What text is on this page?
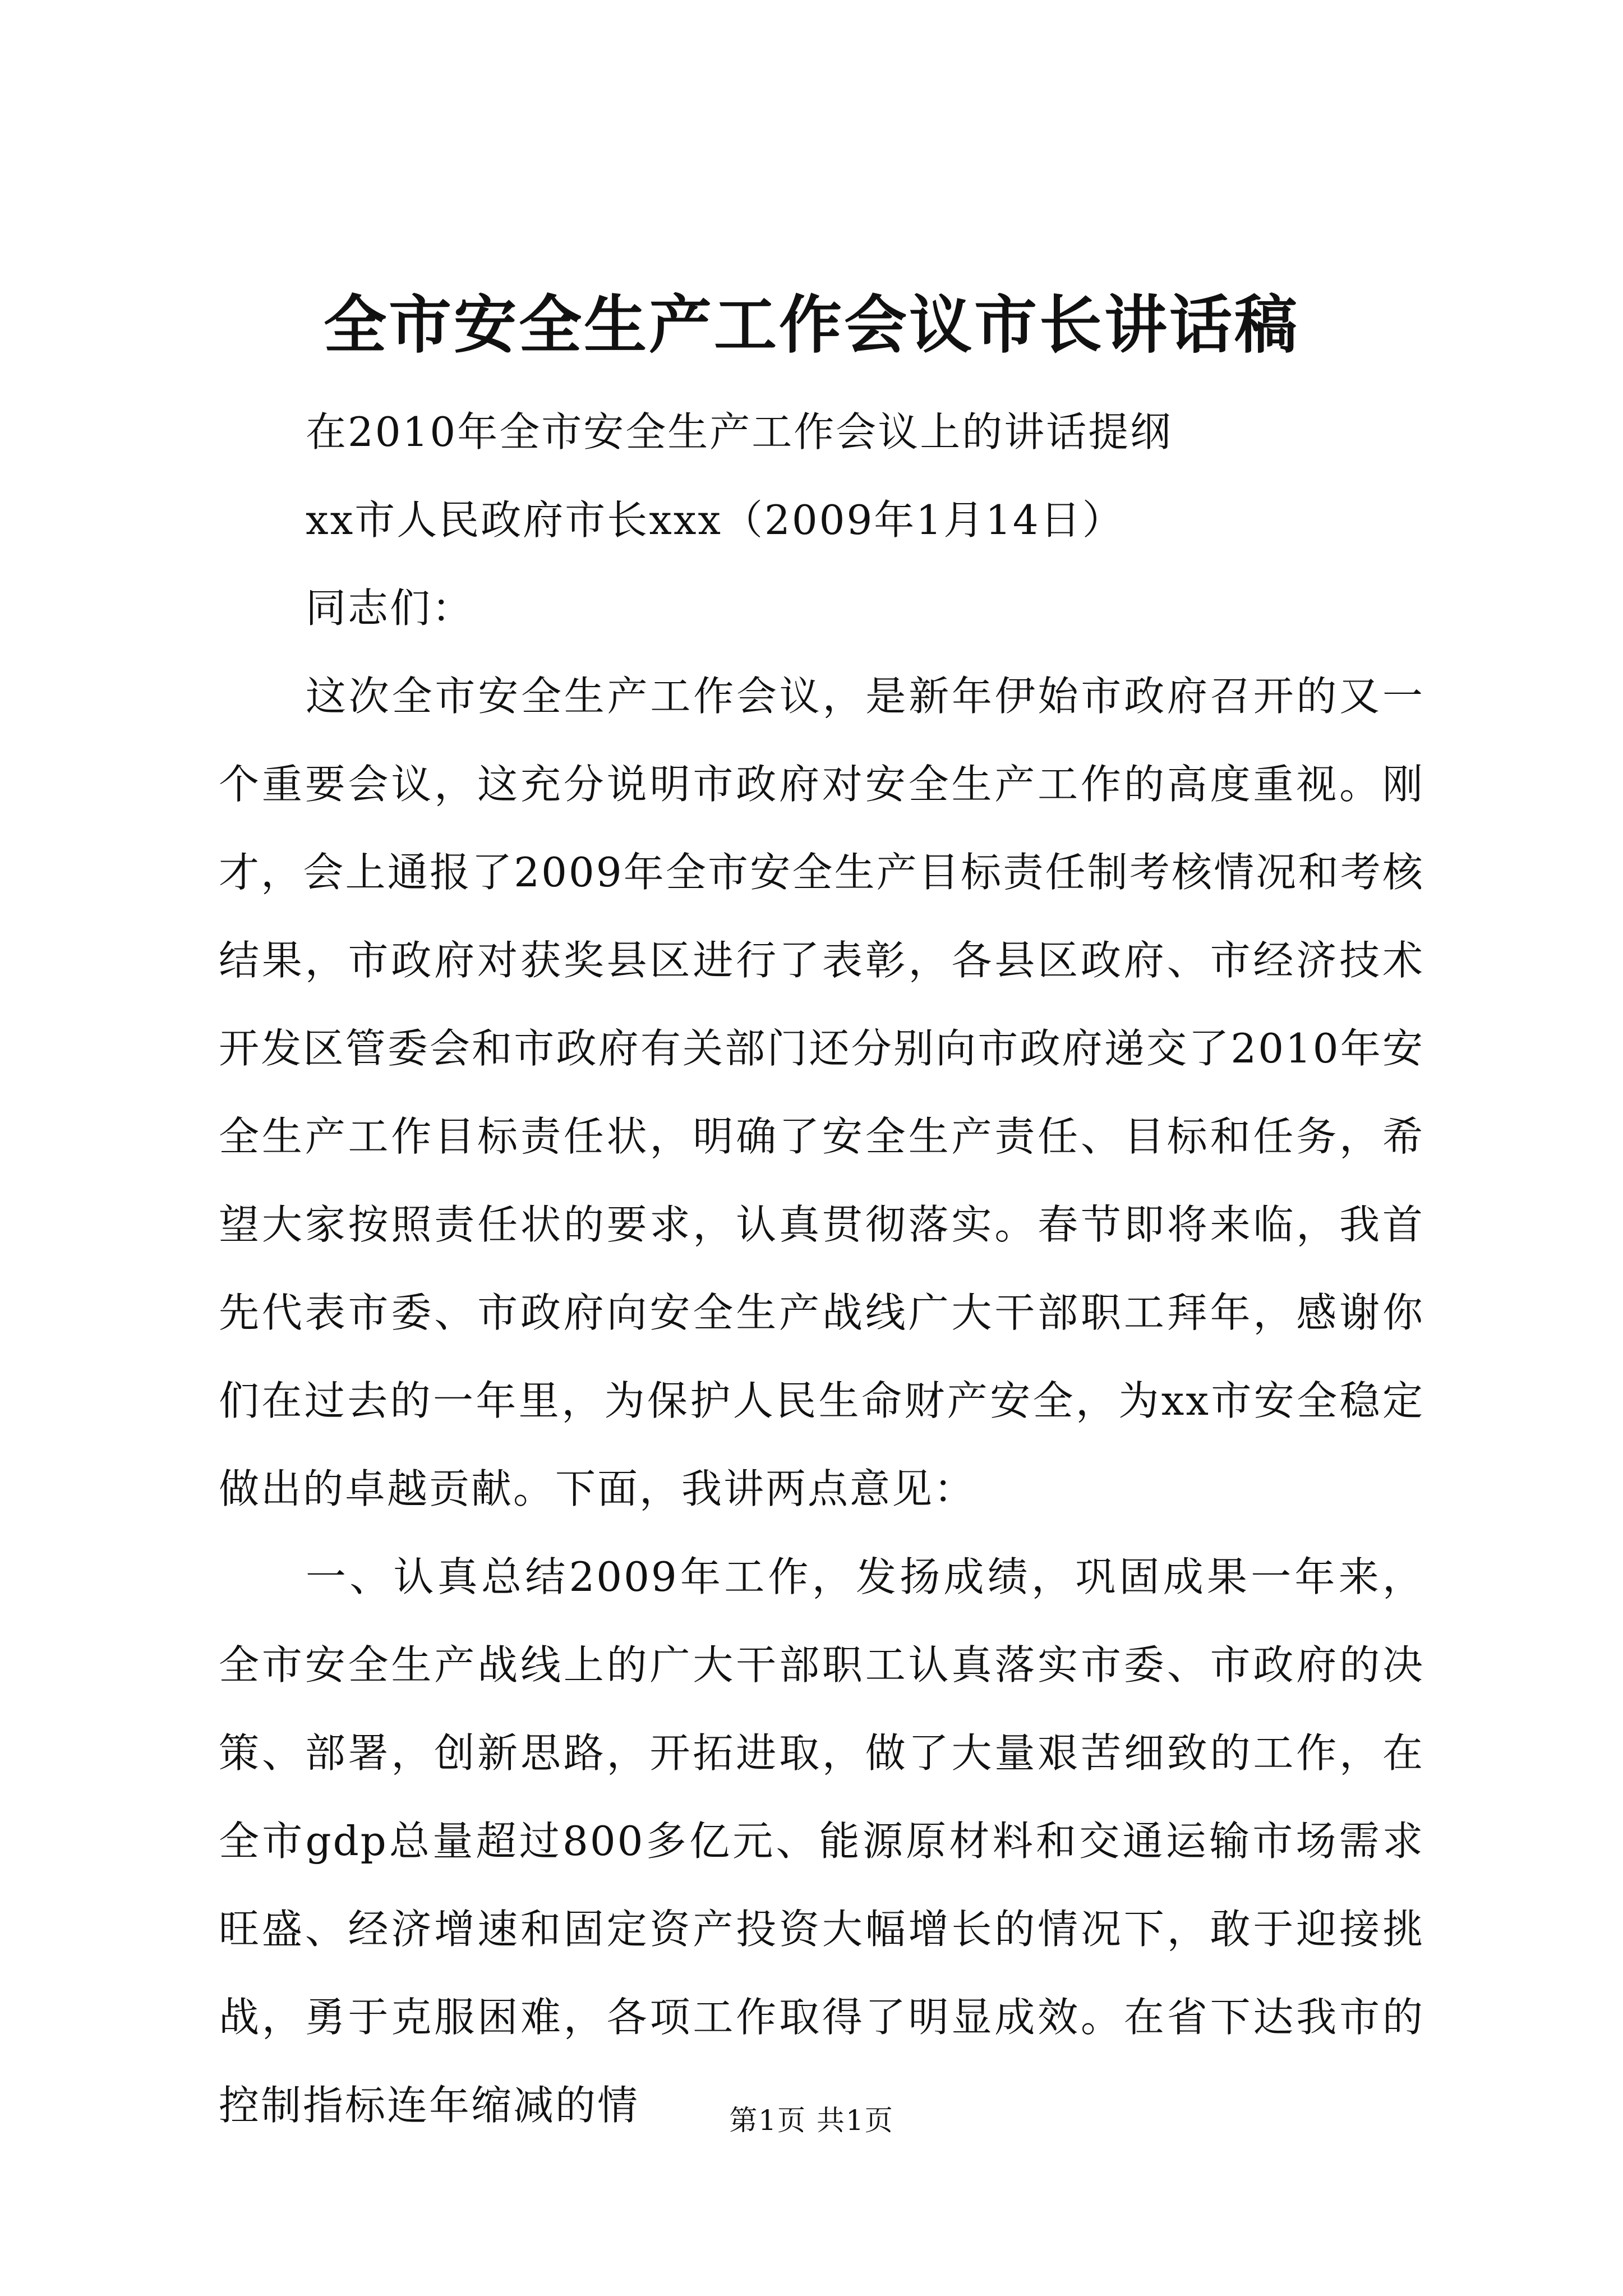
全市安全生产工作会议市长讲话稿

在2010年全市安全生产工作会议上的讲话提纲

xx市人民政府市长xxx（2009年1月14日）

同志们：

这次全市安全生产工作会议，是新年伊始市政府召开的又一个重要会议，这充分说明市政府对安全生产工作的高度重视。刚才，会上通报了2009年全市安全生产目标责任制考核情况和考核结果，市政府对获奖县区进行了表彰，各县区政府、市经济技术开发区管委会和市政府有关部门还分别向市政府递交了2010年安全生产工作目标责任状，明确了安全生产责任、目标和任务，希望大家按照责任状的要求，认真贯彻落实。春节即将来临，我首先代表市委、市政府向安全生产战线广大干部职工拜年，感谢你们在过去的一年里，为保护人民生命财产安全，为xx市安全稳定做出的卓越贡献。下面，我讲两点意见：

一、认真总结2009年工作，发扬成绩，巩固成果一年来，全市安全生产战线上的广大干部职工认真落实市委、市政府的决策、部署，创新思路，开拓进取，做了大量艰苦细致的工作，在全市gdp总量超过800多亿元、能源原材料和交通运输市场需求旺盛、经济增速和固定资产投资大幅增长的情况下，敢于迎接挑战，勇于克服困难，各项工作取得了明显成效。在省下达我市的控制指标连年缩减的情	第1页 共1页
